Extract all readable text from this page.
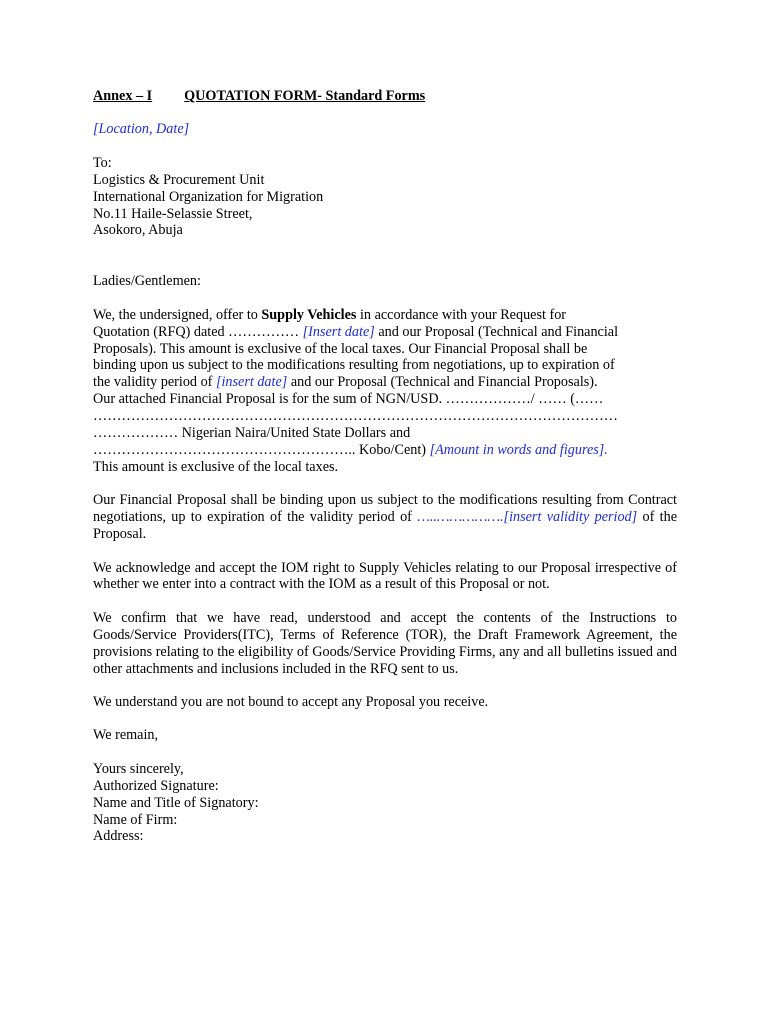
Annex – I QUOTATION FORM- Standard Forms

[Location, Date]

To:

Logistics & Procurement Unit

International Organization for Migration

No.11 Haile-Selassie Street,

Asokoro, Abuja

Ladies/Gentlemen:

We, the undersigned, offer to Supply Vehicles in accordance with your Request for

Quotation (RFQ) dated …………… [Insert date] and our Proposal (Technical and Financial

Proposals). This amount is exclusive of the local taxes. Our Financial Proposal shall be

binding upon us subject to the modifications resulting from negotiations, up to expiration of

the validity period of [insert date] and our Proposal (Technical and Financial Proposals).

Our attached Financial Proposal is for the sum of NGN/USD. ………………/ …… (……

…………………………………………………………………………………………………

……………… Nigerian Naira/United State Dollars and

……………………………………………….. Kobo/Cent) [Amount in words and figures].

This amount is exclusive of the local taxes.

Our Financial Proposal shall be binding upon us subject to the modifications resulting from Contract negotiations, up to expiration of the validity period of …..…………….[insert validity period] of the Proposal.

We acknowledge and accept the IOM right to Supply Vehicles relating to our Proposal irrespective of whether we enter into a contract with the IOM as a result of this Proposal or not.

We confirm that we have read, understood and accept the contents of the Instructions to Goods/Service Providers(ITC), Terms of Reference (TOR), the Draft Framework Agreement, the provisions relating to the eligibility of Goods/Service Providing Firms, any and all bulletins issued and other attachments and inclusions included in the RFQ sent to us.

We understand you are not bound to accept any Proposal you receive.

We remain,

Yours sincerely,

Authorized Signature:

Name and Title of Signatory:

Name of Firm:

Address:
